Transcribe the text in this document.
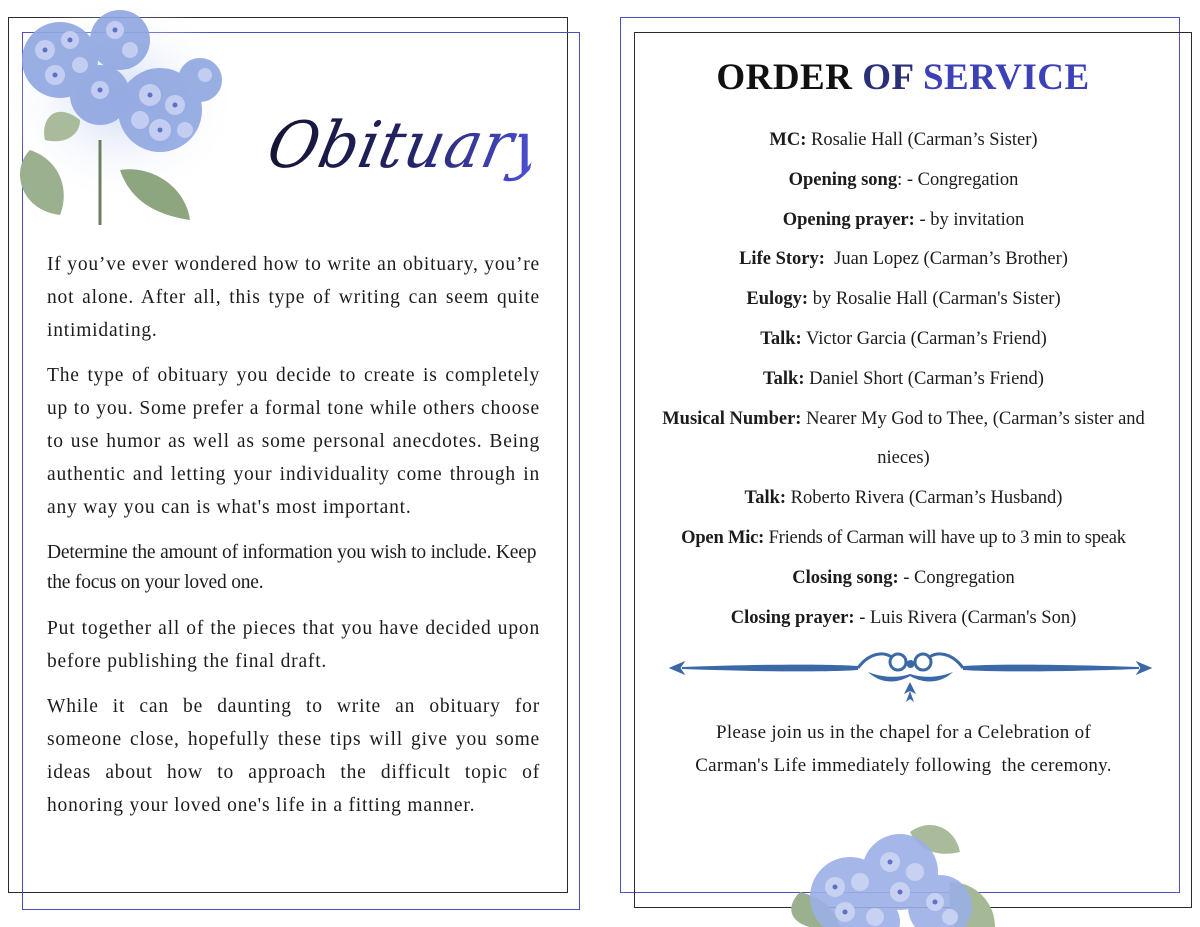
Obituary

If you’ve ever wondered how to write an obituary, you’re not alone. After all, this type of writing can seem quite intimidating.

The type of obituary you decide to create is completely up to you. Some prefer a formal tone while others choose to use humor as well as some personal anecdotes. Being authentic and letting your individuality come through in any way you can is what's most important.

Determine the amount of information you wish to include. Keep the focus on your loved one.

Put together all of the pieces that you have decided upon before publishing the final draft.

While it can be daunting to write an obituary for someone close, hopefully these tips will give you some ideas about how to approach the difficult topic of honoring your loved one's life in a fitting manner.

ORDER OF SERVICE
MC: Rosalie Hall (Carman’s Sister)
Opening song: - Congregation
Opening prayer: - by invitation
Life Story:  Juan Lopez (Carman’s Brother)
Eulogy: by Rosalie Hall (Carman's Sister)
Talk: Victor Garcia (Carman’s Friend)
Talk: Daniel Short (Carman’s Friend)
Musical Number: Nearer My God to Thee, (Carman’s sister and nieces)
Talk: Roberto Rivera (Carman’s Husband)
Open Mic: Friends of Carman will have up to 3 min to speak
Closing song: - Congregation
Closing prayer: - Luis Rivera (Carman's Son)
Please join us in the chapel for a Celebration of
Carman's Life immediately following  the ceremony.
